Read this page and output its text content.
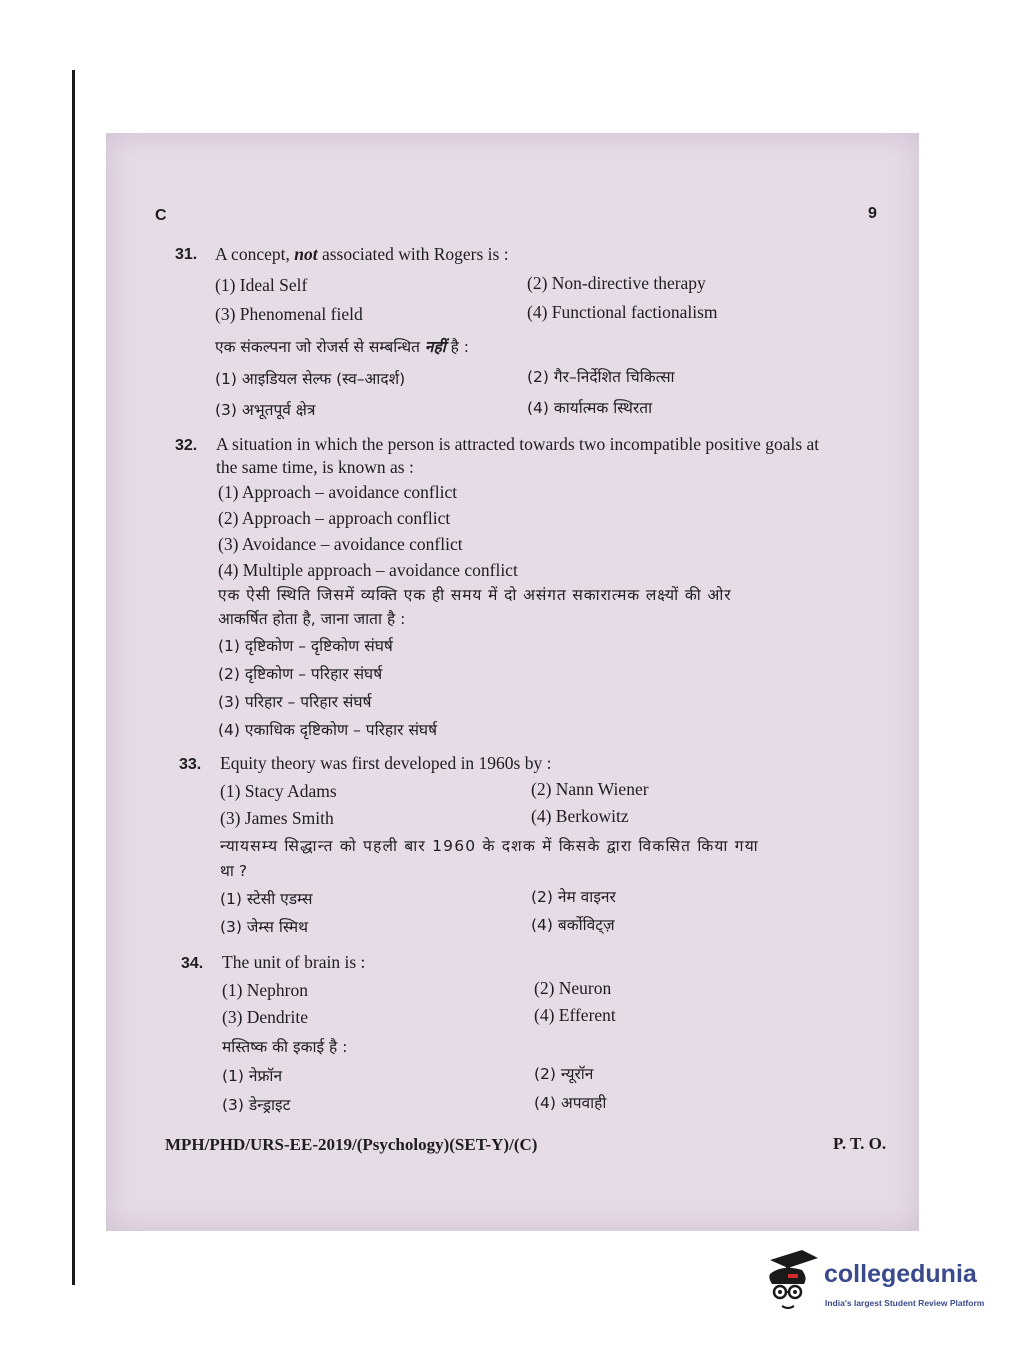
C	9
31. A concept, not associated with Rogers is :
(1) Ideal Self	(2) Non-directive therapy
(3) Phenomenal field	(4) Functional factionalism
एक संकल्पना जो रोजर्स से सम्बन्धित नहीं है :
(1) आइडियल सेल्फ (स्व–आदर्श)	(2) गैर–निर्देशित चिकित्सा
(3) अभूतपूर्व क्षेत्र	(4) कार्यात्मक स्थिरता
32. A situation in which the person is attracted towards two incompatible positive goals at
the same time, is known as :
(1) Approach – avoidance conflict
(2) Approach – approach conflict
(3) Avoidance – avoidance conflict
(4) Multiple approach – avoidance conflict
एक ऐसी स्थिति जिसमें व्यक्ति एक ही समय में दो असंगत सकारात्मक लक्ष्यों की ओर
आकर्षित होता है, जाना जाता है :
(1) दृष्टिकोण – दृष्टिकोण संघर्ष
(2) दृष्टिकोण – परिहार संघर्ष
(3) परिहार – परिहार संघर्ष
(4) एकाधिक दृष्टिकोण – परिहार संघर्ष
33. Equity theory was first developed in 1960s by :
(1) Stacy Adams	(2) Nann Wiener
(3) James Smith	(4) Berkowitz
न्यायसम्य सिद्धान्त को पहली बार 1960 के दशक में किसके द्वारा विकसित किया गया
था ?
(1) स्टेसी एडम्स	(2) नेम वाइनर
(3) जेम्स स्मिथ	(4) बर्कोविट्ज़
34. The unit of brain is :
(1) Nephron	(2) Neuron
(3) Dendrite	(4) Efferent
मस्तिष्क की इकाई है :
(1) नेफ्रॉन	(2) न्यूरॉन
(3) डेन्ड्राइट	(4) अपवाही
MPH/PHD/URS-EE-2019/(Psychology)(SET-Y)/(C)	P. T. O.
collegedunia
India's largest Student Review Platform
